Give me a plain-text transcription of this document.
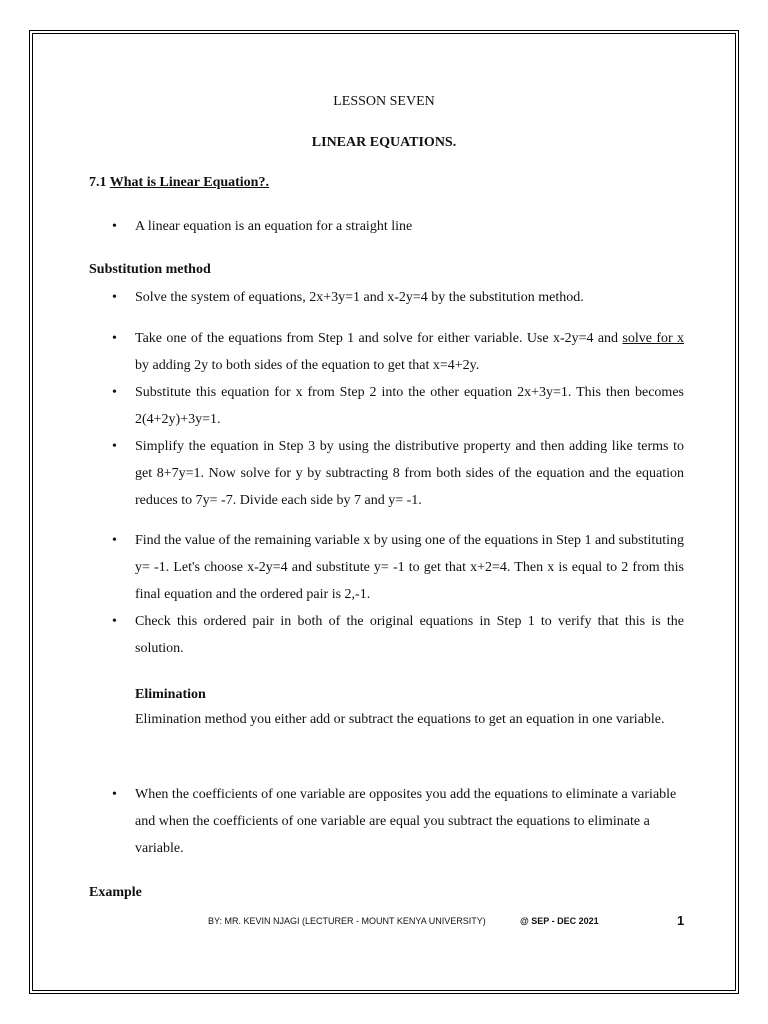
LESSON SEVEN
LINEAR EQUATIONS.
7.1 What is Linear Equation?.
• A linear equation is an equation for a straight line
Substitution method
• Solve the system of equations, 2x+3y=1 and x-2y=4 by the substitution method.
• Take one of the equations from Step 1 and solve for either variable. Use x-2y=4 and solve for x by adding 2y to both sides of the equation to get that x=4+2y.
• Substitute this equation for x from Step 2 into the other equation 2x+3y=1. This then becomes 2(4+2y)+3y=1.
• Simplify the equation in Step 3 by using the distributive property and then adding like terms to get 8+7y=1. Now solve for y by subtracting 8 from both sides of the equation and the equation reduces to 7y= -7. Divide each side by 7 and y= -1.
• Find the value of the remaining variable x by using one of the equations in Step 1 and substituting y= -1. Let's choose x-2y=4 and substitute y= -1 to get that x+2=4. Then x is equal to 2 from this final equation and the ordered pair is 2,-1.
• Check this ordered pair in both of the original equations in Step 1 to verify that this is the solution.
Elimination
Elimination method you either add or subtract the equations to get an equation in one variable.
• When the coefficients of one variable are opposites you add the equations to eliminate a variable and when the coefficients of one variable are equal you subtract the equations to eliminate a variable.
Example
BY: MR. KEVIN NJAGI (LECTURER - MOUNT KENYA UNIVERSITY)	@ SEP - DEC 2021	1
